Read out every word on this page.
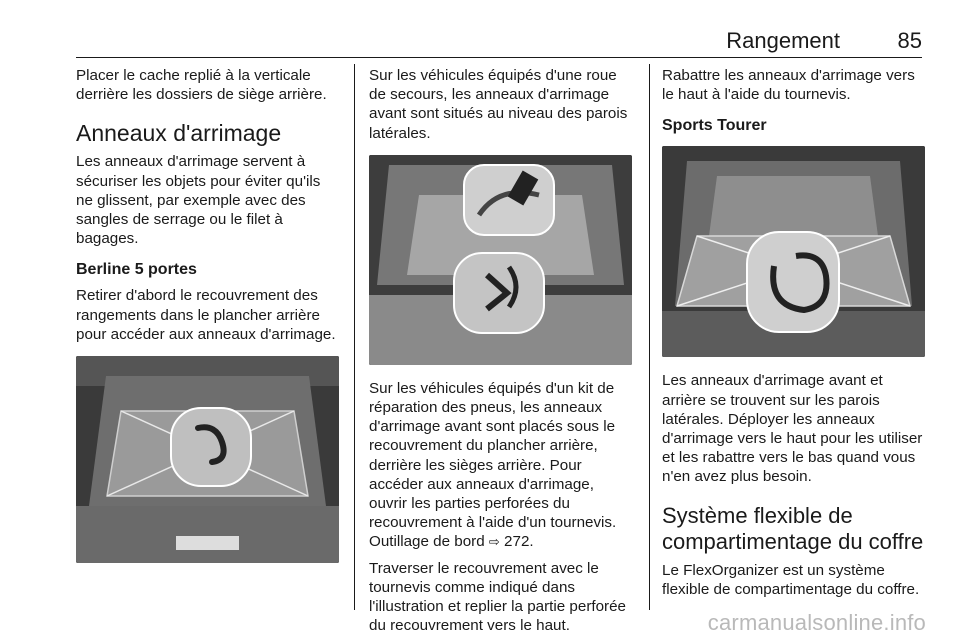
Rangement	85

Placer le cache replié à la verticale derrière les dossiers de siège arrière.

Anneaux d'arrimage

Les anneaux d'arrimage servent à sécuriser les objets pour éviter qu'ils ne glissent, par exemple avec des sangles de serrage ou le filet à bagages.

Berline 5 portes

Retirer d'abord le recouvrement des rangements dans le plancher arrière pour accéder aux anneaux d'arrimage.

Sur les véhicules équipés d'une roue de secours, les anneaux d'arrimage avant sont situés au niveau des parois latérales.

Sur les véhicules équipés d'un kit de réparation des pneus, les anneaux d'arrimage avant sont placés sous le recouvrement du plancher arrière, derrière les sièges arrière. Pour accéder aux anneaux d'arrimage, ouvrir les parties perforées du recouvrement à l'aide d'un tournevis. Outillage de bord ⇨ 272.

Traverser le recouvrement avec le tournevis comme indiqué dans l'illustration et replier la partie perforée du recouvrement vers le haut.

Rabattre les anneaux d'arrimage vers le haut à l'aide du tournevis.

Sports Tourer

Les anneaux d'arrimage avant et arrière se trouvent sur les parois latérales. Déployer les anneaux d'arrimage vers le haut pour les utiliser et les rabattre vers le bas quand vous n'en avez plus besoin.

Système flexible de compartimentage du coffre

Le FlexOrganizer est un système flexible de compartimentage du coffre.

carmanualsonline.info
